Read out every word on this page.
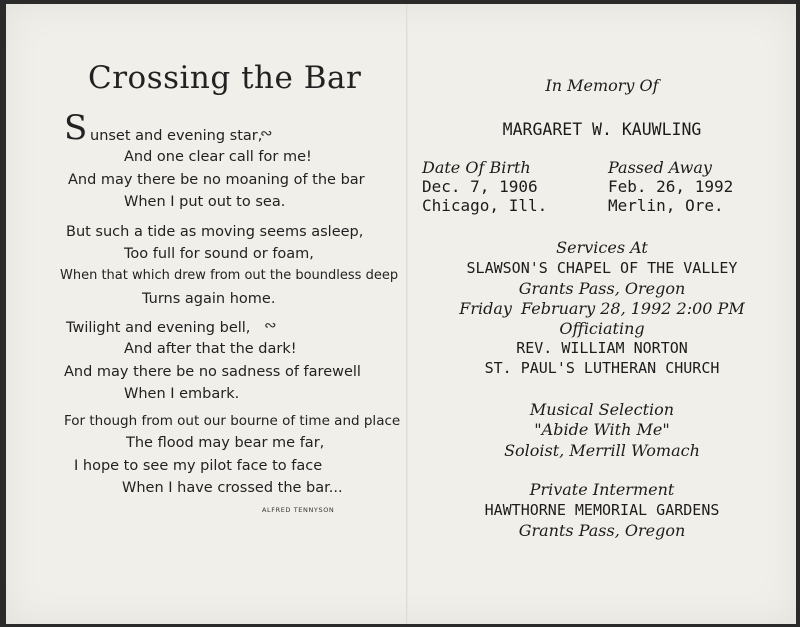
Crossing the Bar
S unset and evening star,
∾
And one clear call for me!
And may there be no moaning of the bar
When I put out to sea.
But such a tide as moving seems asleep,
Too full for sound or foam,
When that which drew from out the boundless deep
Turns again home.
Twilight and evening bell, ∾
And after that the dark!
And may there be no sadness of farewell
When I embark.
For though from out our bourne of time and place
The flood may bear me far,
I hope to see my pilot face to face
When I have crossed the bar...
ALFRED TENNYSON
In Memory Of
MARGARET W. KAUWLING
Date Of Birth
Dec. 7, 1906
Chicago, Ill.
Passed Away
Feb. 26, 1992
Merlin, Ore.
Services At
SLAWSON'S CHAPEL OF THE VALLEY
Grants Pass, Oregon
Friday February 28, 1992 2:00 PM
Officiating
REV. WILLIAM NORTON
ST. PAUL'S LUTHERAN CHURCH
Musical Selection
"Abide With Me"
Soloist, Merrill Womach
Private Interment
HAWTHORNE MEMORIAL GARDENS
Grants Pass, Oregon
